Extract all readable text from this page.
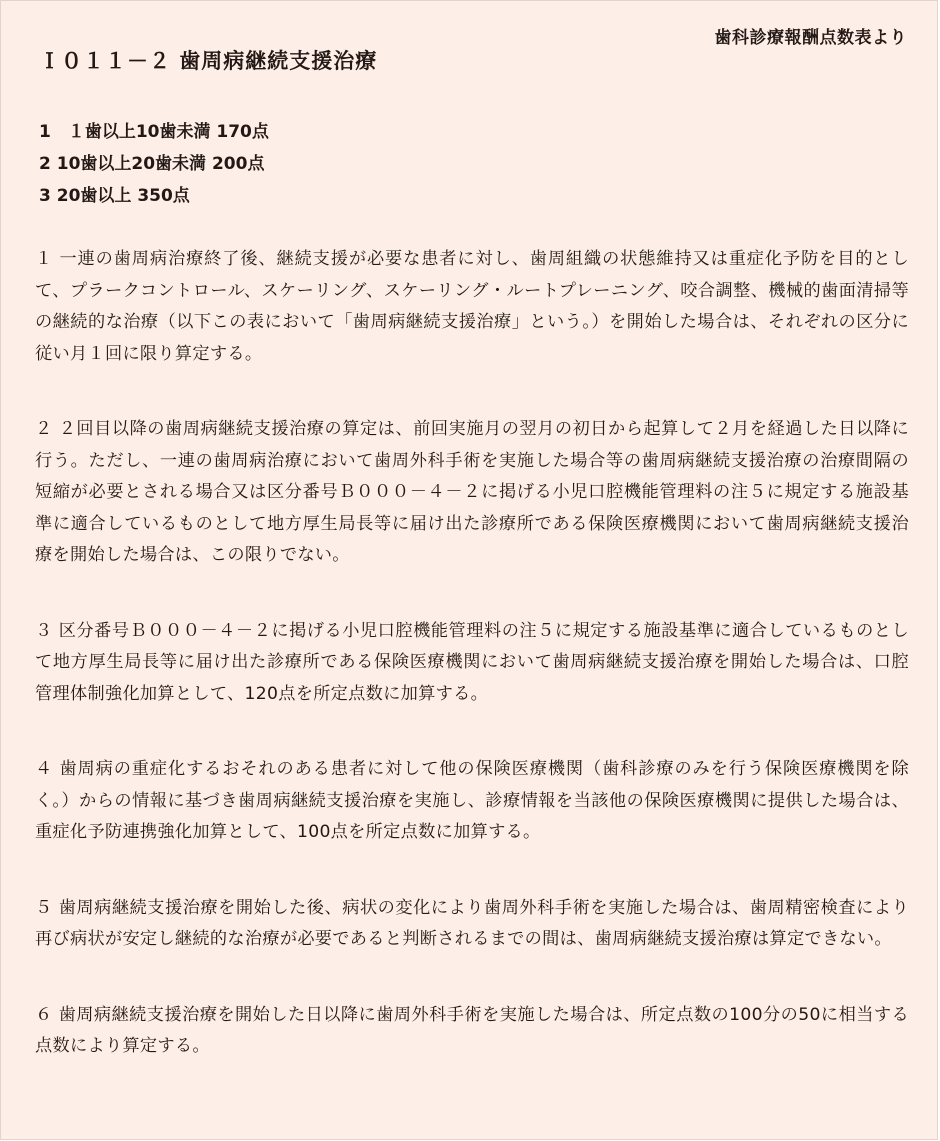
歯科診療報酬点数表より
Ｉ０１１－２ 歯周病継続支援治療
1　１歯以上10歯未満 170点
2 10歯以上20歯未満 200点
3 20歯以上 350点
１ 一連の歯周病治療終了後、継続支援が必要な患者に対し、歯周組織の状態維持又は重症化予防を目的として、プラークコントロール、スケーリング、スケーリング・ルートプレーニング、咬合調整、機械的歯面清掃等の継続的な治療（以下この表において「歯周病継続支援治療」という。）を開始した場合は、それぞれの区分に従い月１回に限り算定する。
２ ２回目以降の歯周病継続支援治療の算定は、前回実施月の翌月の初日から起算して２月を経過した日以降に行う。ただし、一連の歯周病治療において歯周外科手術を実施した場合等の歯周病継続支援治療の治療間隔の短縮が必要とされる場合又は区分番号Ｂ０００－４－２に掲げる小児口腔機能管理料の注５に規定する施設基準に適合しているものとして地方厚生局長等に届け出た診療所である保険医療機関において歯周病継続支援治療を開始した場合は、この限りでない。
３ 区分番号Ｂ０００－４－２に掲げる小児口腔機能管理料の注５に規定する施設基準に適合しているものとして地方厚生局長等に届け出た診療所である保険医療機関において歯周病継続支援治療を開始した場合は、口腔管理体制強化加算として、120点を所定点数に加算する。
４ 歯周病の重症化するおそれのある患者に対して他の保険医療機関（歯科診療のみを行う保険医療機関を除く。）からの情報に基づき歯周病継続支援治療を実施し、診療情報を当該他の保険医療機関に提供した場合は、重症化予防連携強化加算として、100点を所定点数に加算する。
５ 歯周病継続支援治療を開始した後、病状の変化により歯周外科手術を実施した場合は、歯周精密検査により再び病状が安定し継続的な治療が必要であると判断されるまでの間は、歯周病継続支援治療は算定できない。
６ 歯周病継続支援治療を開始した日以降に歯周外科手術を実施した場合は、所定点数の100分の50に相当する点数により算定する。
